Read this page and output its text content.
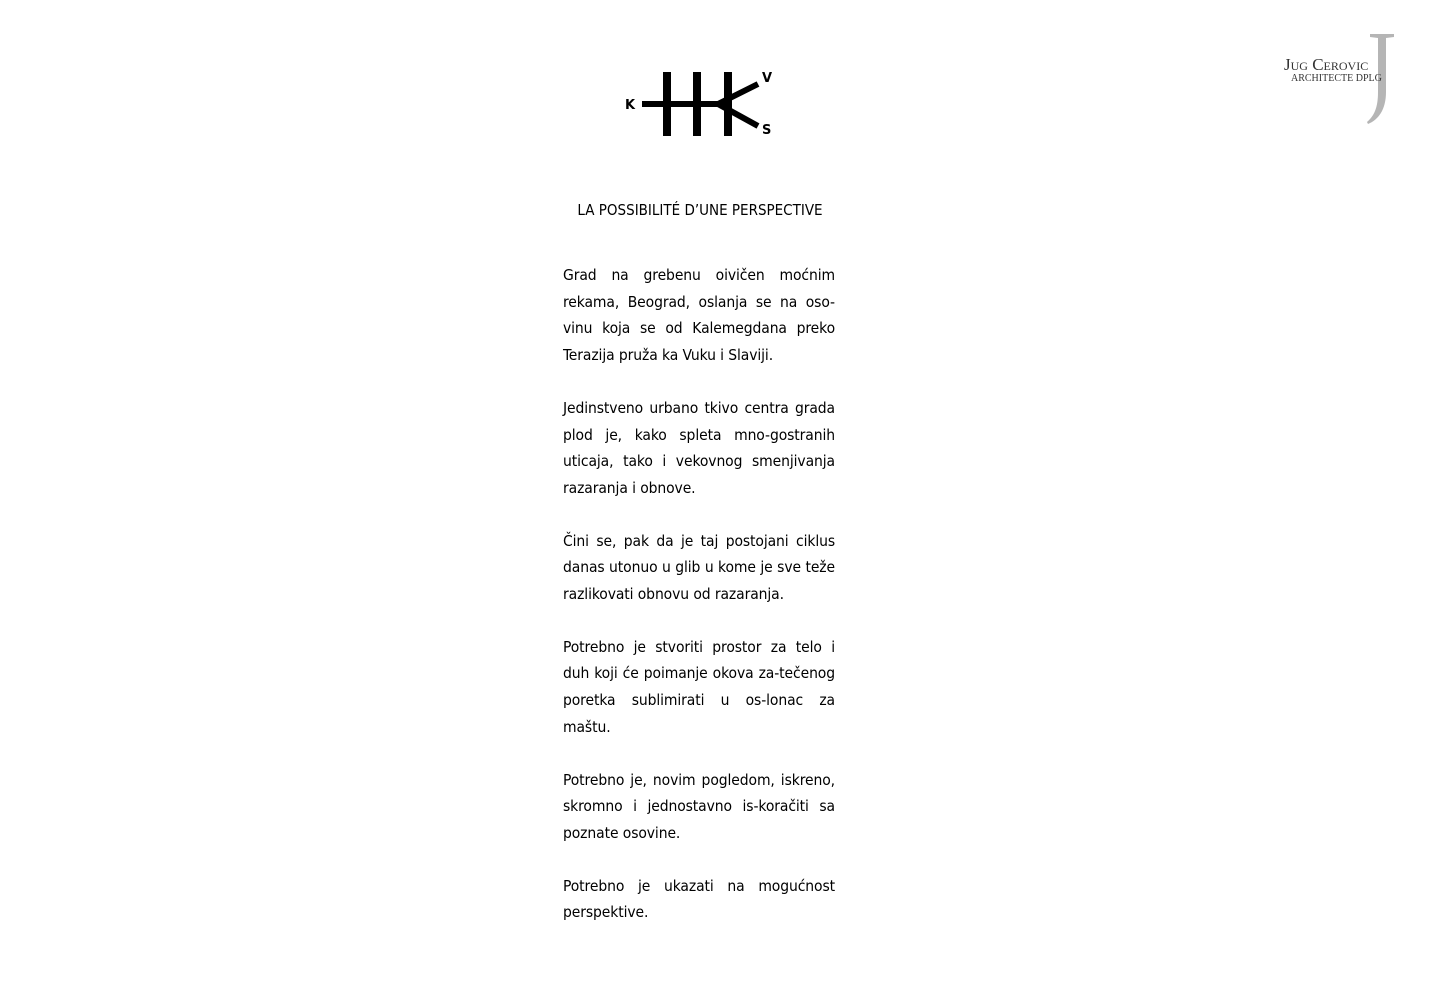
K
V
S
Jug Cerovic
ARCHITECTE DPLG
LA POSSIBILITÉ D’UNE PERSPECTIVE

Grad na grebenu oivičen moćnim rekama, Beograd, oslanja se na oso-vinu koja se od Kalemegdana preko Terazija pruža ka Vuku i Slaviji.

Jedinstveno urbano tkivo centra grada plod je, kako spleta mno-gostranih uticaja, tako i vekovnog smenjivanja razaranja i obnove.

Čini se, pak da je taj postojani ciklus danas utonuo u glib u kome je sve teže razlikovati obnovu od razaranja.

Potrebno je stvoriti prostor za telo i duh koji će poimanje okova za-tečenog poretka sublimirati u os-lonac za maštu.

Potrebno je, novim pogledom, iskreno, skromno i jednostavno is-koračiti sa poznate osovine.

Potrebno je ukazati na mogućnost perspektive.
